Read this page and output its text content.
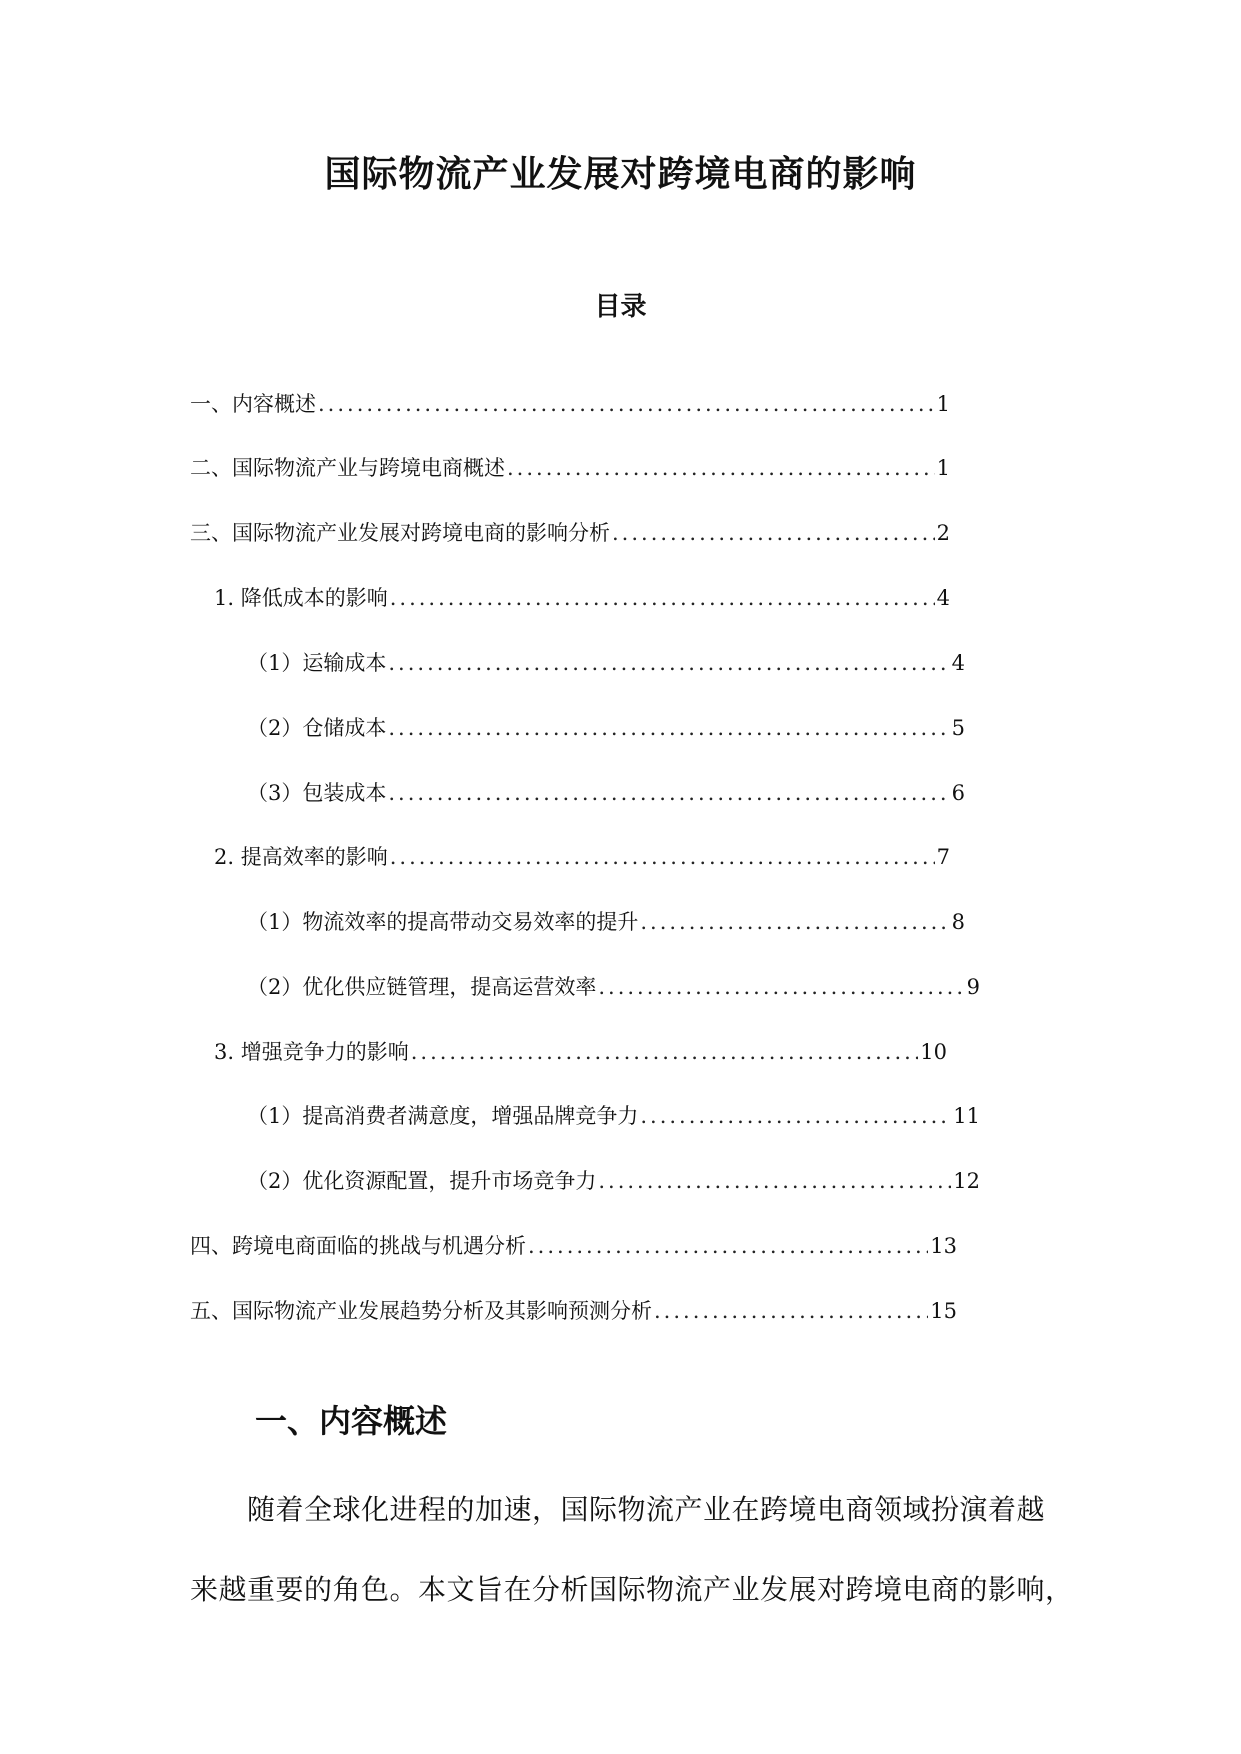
国际物流产业发展对跨境电商的影响
目录
一、内容概述 .....	1
二、国际物流产业与跨境电商概述 .....	1
三、国际物流产业发展对跨境电商的影响分析 .....	2
1. 降低成本的影响 .....	4
（1）运输成本 .....	4
（2）仓储成本 .....	5
（3）包装成本 .....	6
2. 提高效率的影响 .....	7
（1）物流效率的提高带动交易效率的提升 .....	8
（2）优化供应链管理，提高运营效率 .....	9
3. 增强竞争力的影响 .....	10
（1）提高消费者满意度，增强品牌竞争力 .....	11
（2）优化资源配置，提升市场竞争力 .....	12
四、跨境电商面临的挑战与机遇分析 .....	13
五、国际物流产业发展趋势分析及其影响预测分析 .....	15
一、内容概述
随着全球化进程的加速，国际物流产业在跨境电商领域扮演着越
来越重要的角色。本文旨在分析国际物流产业发展对跨境电商的影响，
